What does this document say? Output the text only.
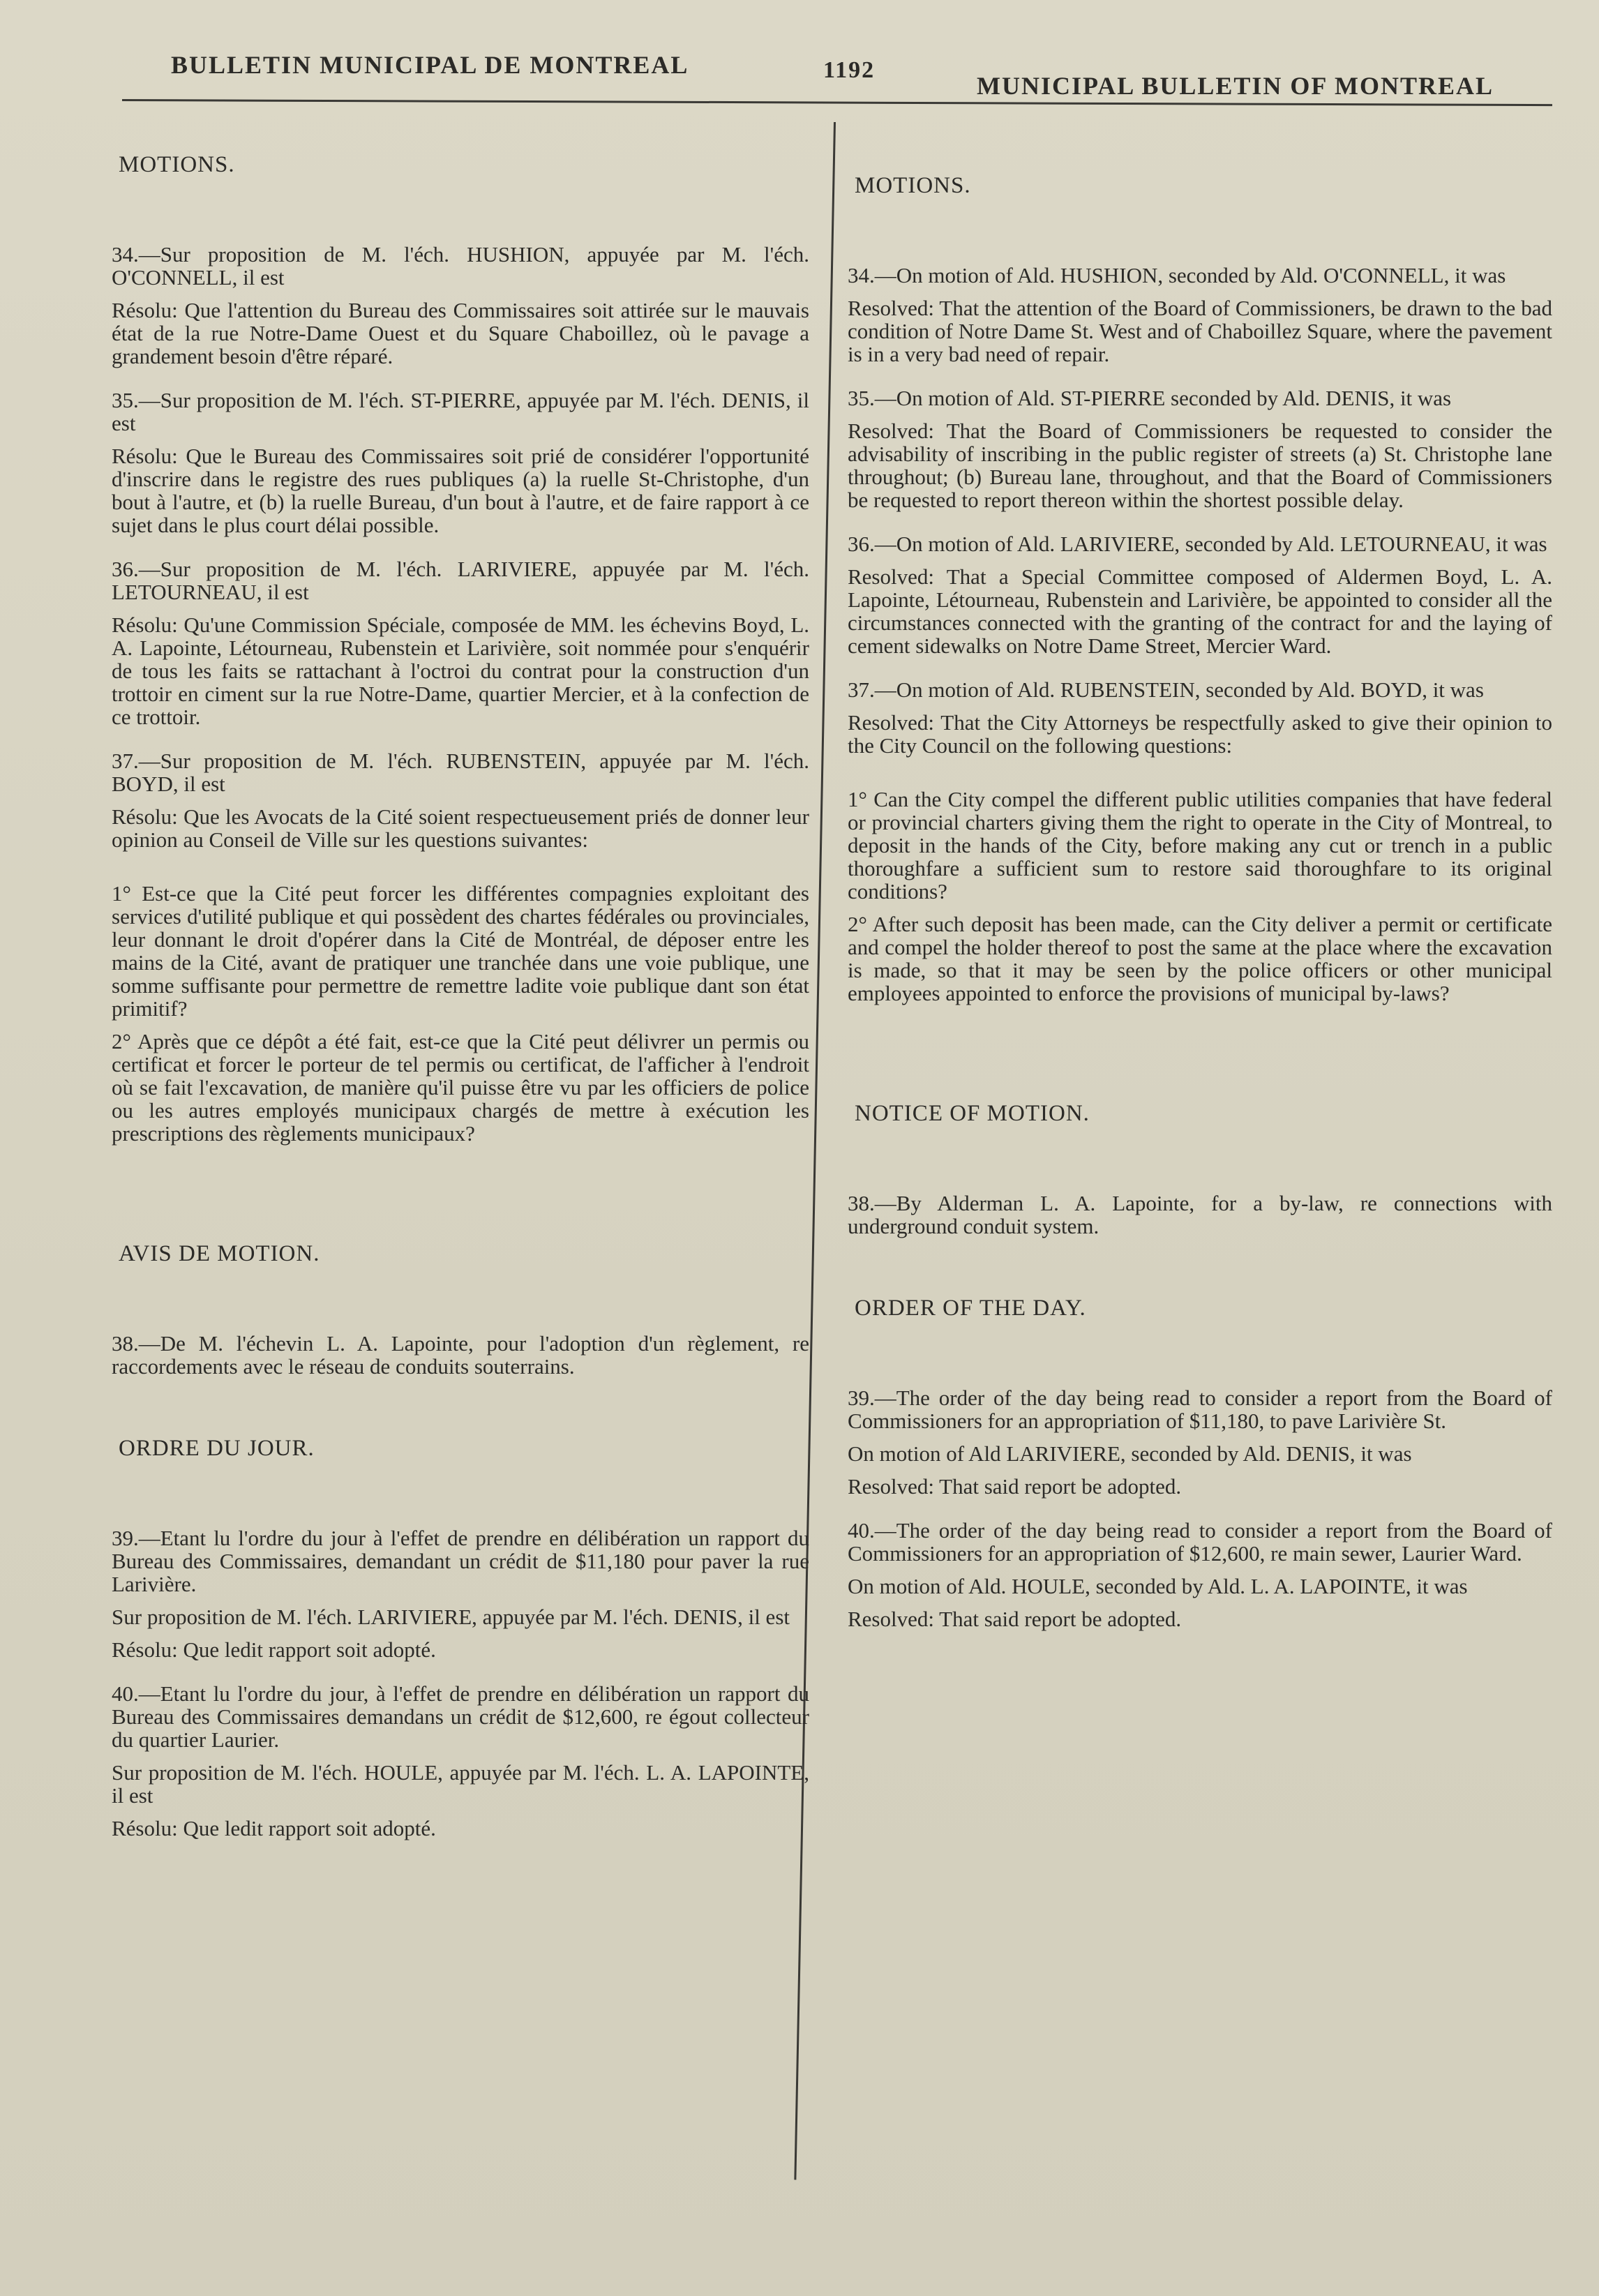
BULLETIN MUNICIPAL DE MONTREAL	1192
MUNICIPAL BULLETIN OF MONTREAL
MOTIONS.

34.—Sur proposition de M. l'éch. HUSHION, appuyée par M. l'éch. O'CONNELL, il est

Résolu: Que l'attention du Bureau des Commissaires soit attirée sur le mauvais état de la rue Notre-Dame Ouest et du Square Chaboillez, où le pavage a grandement besoin d'être réparé.

35.—Sur proposition de M. l'éch. ST-PIERRE, appuyée par M. l'éch. DENIS, il est

Résolu: Que le Bureau des Commissaires soit prié de considérer l'opportunité d'inscrire dans le registre des rues publiques (a) la ruelle St-Christophe, d'un bout à l'autre, et (b) la ruelle Bureau, d'un bout à l'autre, et de faire rapport à ce sujet dans le plus court délai possible.

36.—Sur proposition de M. l'éch. LARIVIERE, appuyée par M. l'éch. LETOURNEAU, il est

Résolu: Qu'une Commission Spéciale, composée de MM. les échevins Boyd, L. A. Lapointe, Létourneau, Rubenstein et Larivière, soit nommée pour s'enquérir de tous les faits se rattachant à l'octroi du contrat pour la construction d'un trottoir en ciment sur la rue Notre-Dame, quartier Mercier, et à la confection de ce trottoir.

37.—Sur proposition de M. l'éch. RUBENSTEIN, appuyée par M. l'éch. BOYD, il est

Résolu: Que les Avocats de la Cité soient respectueusement priés de donner leur opinion au Conseil de Ville sur les questions suivantes:

1° Est-ce que la Cité peut forcer les différentes compagnies exploitant des services d'utilité publique et qui possèdent des chartes fédérales ou provinciales, leur donnant le droit d'opérer dans la Cité de Montréal, de déposer entre les mains de la Cité, avant de pratiquer une tranchée dans une voie publique, une somme suffisante pour permettre de remettre ladite voie publique dant son état primitif?

2° Après que ce dépôt a été fait, est-ce que la Cité peut délivrer un permis ou certificat et forcer le porteur de tel permis ou certificat, de l'afficher à l'endroit où se fait l'excavation, de manière qu'il puisse être vu par les officiers de police ou les autres employés municipaux chargés de mettre à exécution les prescriptions des règlements municipaux?

AVIS DE MOTION.

38.—De M. l'échevin L. A. Lapointe, pour l'adoption d'un règlement, re raccordements avec le réseau de conduits souterrains.

ORDRE DU JOUR.

39.—Etant lu l'ordre du jour à l'effet de prendre en délibération un rapport du Bureau des Commissaires, demandant un crédit de $11,180 pour paver la rue Larivière.

Sur proposition de M. l'éch. LARIVIERE, appuyée par M. l'éch. DENIS, il est

Résolu: Que ledit rapport soit adopté.

40.—Etant lu l'ordre du jour, à l'effet de prendre en délibération un rapport du Bureau des Commissaires demandans un crédit de $12,600, re égout collecteur du quartier Laurier.

Sur proposition de M. l'éch. HOULE, appuyée par M. l'éch. L. A. LAPOINTE, il est

Résolu: Que ledit rapport soit adopté.

MOTIONS.

34.—On motion of Ald. HUSHION, seconded by Ald. O'CONNELL, it was

Resolved: That the attention of the Board of Commissioners, be drawn to the bad condition of Notre Dame St. West and of Chaboillez Square, where the pavement is in a very bad need of repair.

35.—On motion of Ald. ST-PIERRE seconded by Ald. DENIS, it was

Resolved: That the Board of Commissioners be requested to consider the advisability of inscribing in the public register of streets (a) St. Christophe lane throughout; (b) Bureau lane, throughout, and that the Board of Commissioners be requested to report thereon within the shortest possible delay.

36.—On motion of Ald. LARIVIERE, seconded by Ald. LETOURNEAU, it was

Resolved: That a Special Committee composed of Aldermen Boyd, L. A. Lapointe, Létourneau, Rubenstein and Larivière, be appointed to consider all the circumstances connected with the granting of the contract for and the laying of cement sidewalks on Notre Dame Street, Mercier Ward.

37.—On motion of Ald. RUBENSTEIN, seconded by Ald. BOYD, it was

Resolved: That the City Attorneys be respectfully asked to give their opinion to the City Council on the following questions:

1° Can the City compel the different public utilities companies that have federal or provincial charters giving them the right to operate in the City of Montreal, to deposit in the hands of the City, before making any cut or trench in a public thoroughfare a sufficient sum to restore said thoroughfare to its original conditions?

2° After such deposit has been made, can the City deliver a permit or certificate and compel the holder thereof to post the same at the place where the excavation is made, so that it may be seen by the police officers or other municipal employees appointed to enforce the provisions of municipal by-laws?

NOTICE OF MOTION.

38.—By Alderman L. A. Lapointe, for a by-law, re connections with underground conduit system.

ORDER OF THE DAY.

39.—The order of the day being read to consider a report from the Board of Commissioners for an appropriation of $11,180, to pave Larivière St.

On motion of Ald LARIVIERE, seconded by Ald. DENIS, it was

Resolved: That said report be adopted.

40.—The order of the day being read to consider a report from the Board of Commissioners for an appropriation of $12,600, re main sewer, Laurier Ward.

On motion of Ald. HOULE, seconded by Ald. L. A. LAPOINTE, it was

Resolved: That said report be adopted.
